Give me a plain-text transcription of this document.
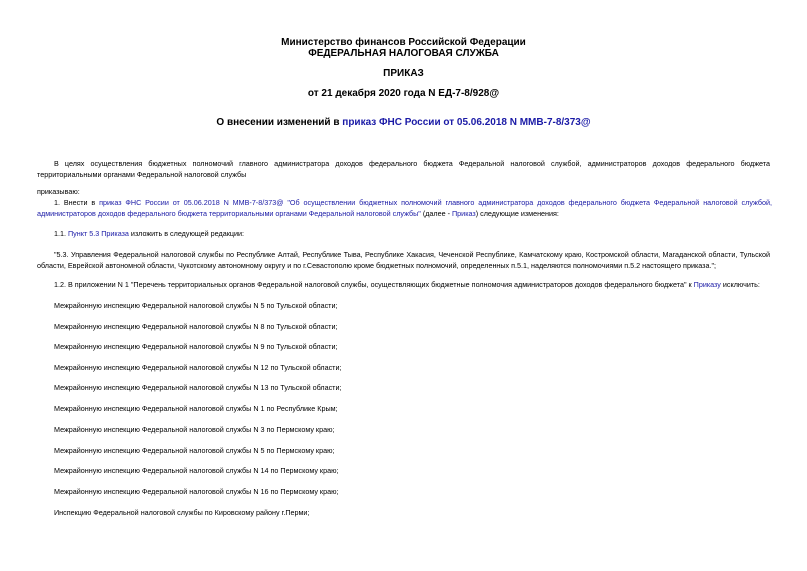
Министерство финансов Российской Федерации
ФЕДЕРАЛЬНАЯ НАЛОГОВАЯ СЛУЖБА
ПРИКАЗ
от 21 декабря 2020 года N ЕД-7-8/928@
О внесении изменений в приказ ФНС России от 05.06.2018 N ММВ-7-8/373@
В целях осуществления бюджетных полномочий главного администратора доходов федерального бюджета Федеральной налоговой службой, администраторов доходов федерального бюджета территориальными органами Федеральной налоговой службы
приказываю:
1. Внести в приказ ФНС России от 05.06.2018 N ММВ-7-8/373@ "Об осуществлении бюджетных полномочий главного администратора доходов федерального бюджета Федеральной налоговой службой, администраторов доходов федерального бюджета территориальными органами Федеральной налоговой службы" (далее - Приказ) следующие изменения:
1.1. Пункт 5.3 Приказа изложить в следующей редакции:
"5.3. Управления Федеральной налоговой службы по Республике Алтай, Республике Тыва, Республике Хакасия, Чеченской Республике, Камчатскому краю, Костромской области, Магаданской области, Тульской области, Еврейской автономной области, Чукотскому автономному округу и по г.Севастополю кроме бюджетных полномочий, определенных п.5.1, наделяются полномочиями п.5.2 настоящего приказа.";
1.2. В приложении N 1 "Перечень территориальных органов Федеральной налоговой службы, осуществляющих бюджетные полномочия администраторов доходов федерального бюджета" к Приказу исключить:
Межрайонную инспекцию Федеральной налоговой службы N 5 по Тульской области;
Межрайонную инспекцию Федеральной налоговой службы N 8 по Тульской области;
Межрайонную инспекцию Федеральной налоговой службы N 9 по Тульской области;
Межрайонную инспекцию Федеральной налоговой службы N 12 по Тульской области;
Межрайонную инспекцию Федеральной налоговой службы N 13 по Тульской области;
Межрайонную инспекцию Федеральной налоговой службы N 1 по Республике Крым;
Межрайонную инспекцию Федеральной налоговой службы N 3 по Пермскому краю;
Межрайонную инспекцию Федеральной налоговой службы N 5 по Пермскому краю;
Межрайонную инспекцию Федеральной налоговой службы N 14 по Пермскому краю;
Межрайонную инспекцию Федеральной налоговой службы N 16 по Пермскому краю;
Инспекцию Федеральной налоговой службы по Кировскому району г.Перми;
